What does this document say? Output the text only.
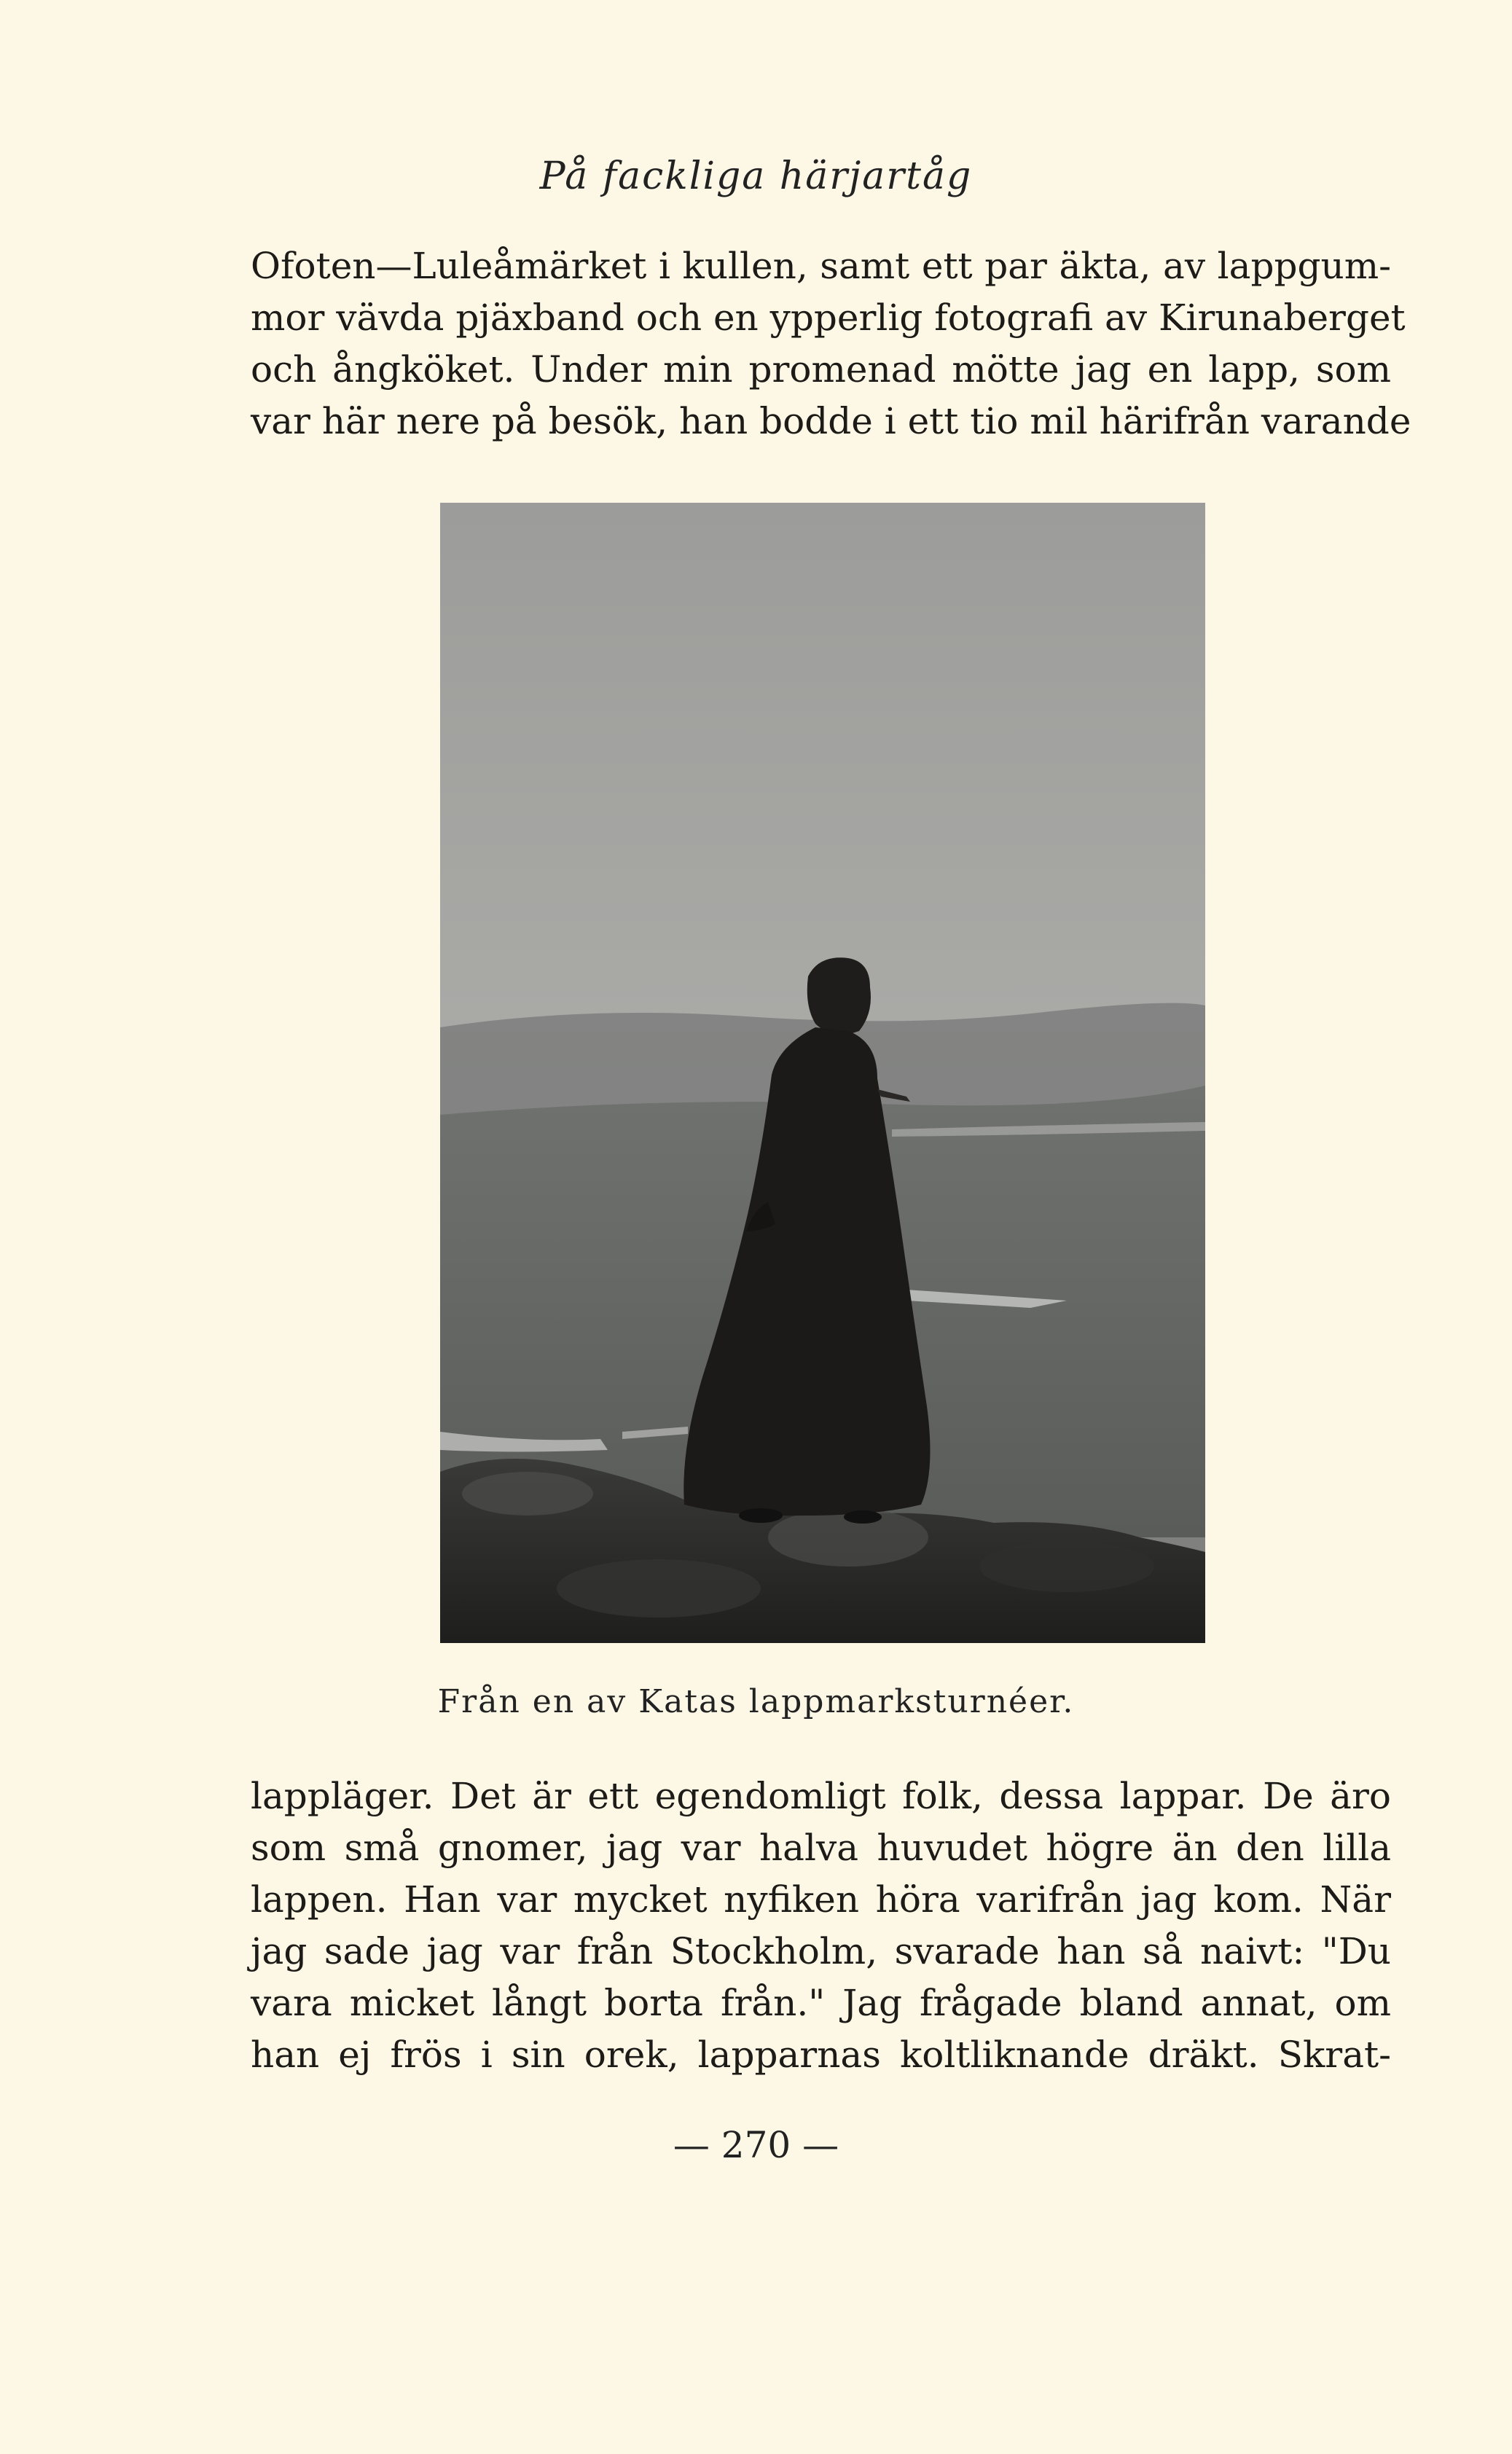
På fackliga härjartåg
Ofoten—Luleåmärket i kullen, samt ett par äkta, av lappgum-
mor vävda pjäxband och en ypperlig fotografi av Kirunaberget
och ångköket. Under min promenad mötte jag en lapp, som
var här nere på besök, han bodde i ett tio mil härifrån varande
Från en av Katas lappmarksturnéer.
lappläger. Det är ett egendomligt folk, dessa lappar. De äro
som små gnomer, jag var halva huvudet högre än den lilla
lappen. Han var mycket nyfiken höra varifrån jag kom. När
jag sade jag var från Stockholm, svarade han så naivt: "Du
vara micket långt borta från." Jag frågade bland annat, om
han ej frös i sin orek, lapparnas koltliknande dräkt. Skrat-
— 270 —
